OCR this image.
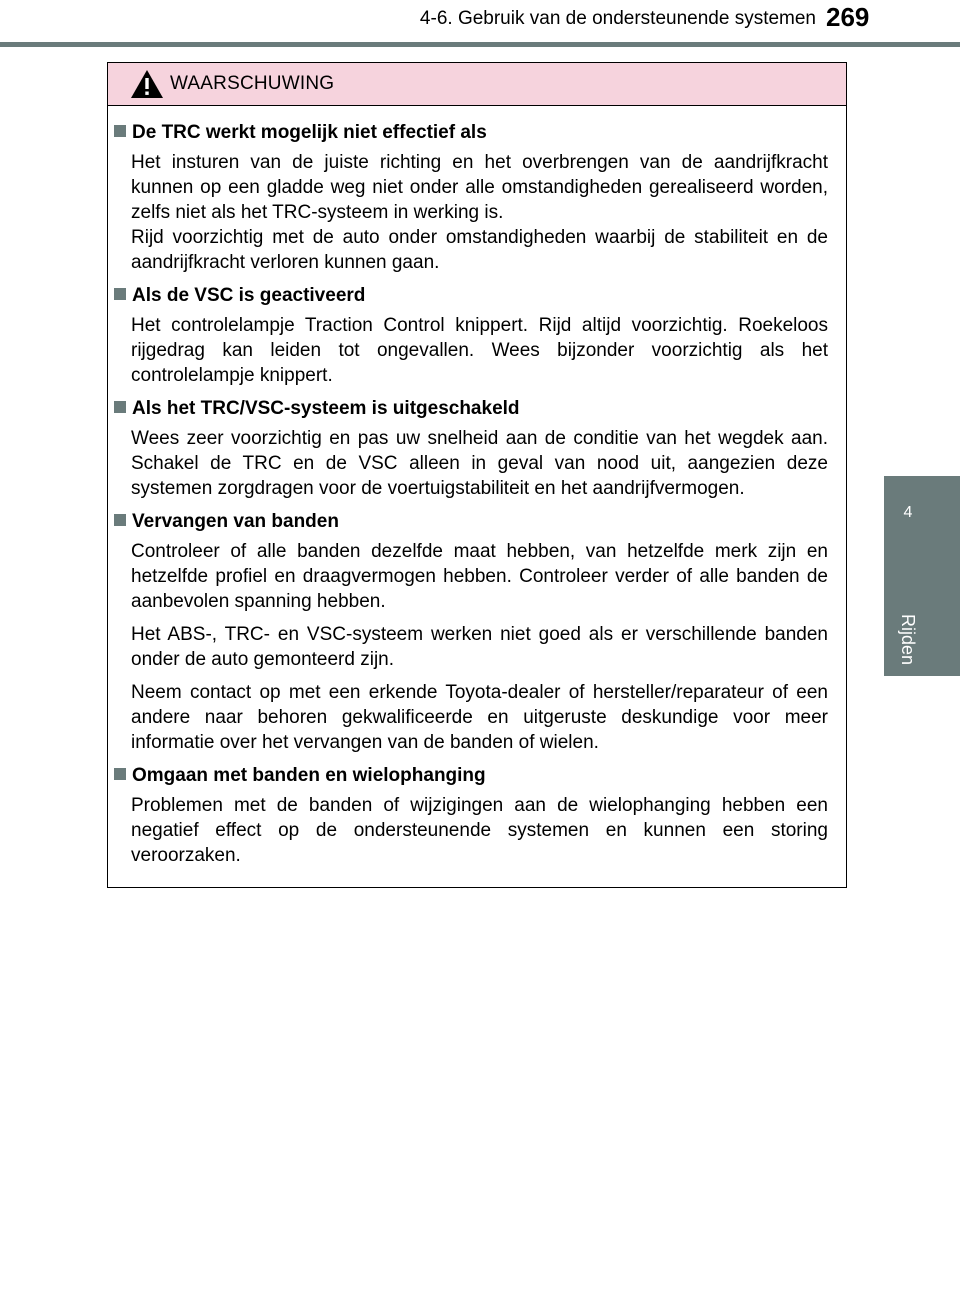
4-6. Gebruik van de ondersteunende systemen 269
4
Rijden
WAARSCHUWING
De TRC werkt mogelijk niet effectief als

Het insturen van de juiste richting en het overbrengen van de aandrijfkracht kunnen op een gladde weg niet onder alle omstandigheden gerealiseerd worden, zelfs niet als het TRC-systeem in werking is.

Rijd voorzichtig met de auto onder omstandigheden waarbij de stabiliteit en de aandrijfkracht verloren kunnen gaan.

Als de VSC is geactiveerd

Het controlelampje Traction Control knippert. Rijd altijd voorzichtig. Roekeloos rijgedrag kan leiden tot ongevallen. Wees bijzonder voorzichtig als het controlelampje knippert.

Als het TRC/VSC-systeem is uitgeschakeld

Wees zeer voorzichtig en pas uw snelheid aan de conditie van het wegdek aan. Schakel de TRC en de VSC alleen in geval van nood uit, aangezien deze systemen zorgdragen voor de voertuigstabiliteit en het aandrijfvermogen.

Vervangen van banden

Controleer of alle banden dezelfde maat hebben, van hetzelfde merk zijn en hetzelfde profiel en draagvermogen hebben. Controleer verder of alle banden de aanbevolen spanning hebben.

Het ABS-, TRC- en VSC-systeem werken niet goed als er verschillende banden onder de auto gemonteerd zijn.

Neem contact op met een erkende Toyota-dealer of hersteller/reparateur of een andere naar behoren gekwalificeerde en uitgeruste deskundige voor meer informatie over het vervangen van de banden of wielen.

Omgaan met banden en wielophanging

Problemen met de banden of wijzigingen aan de wielophanging hebben een negatief effect op de ondersteunende systemen en kunnen een storing veroorzaken.
